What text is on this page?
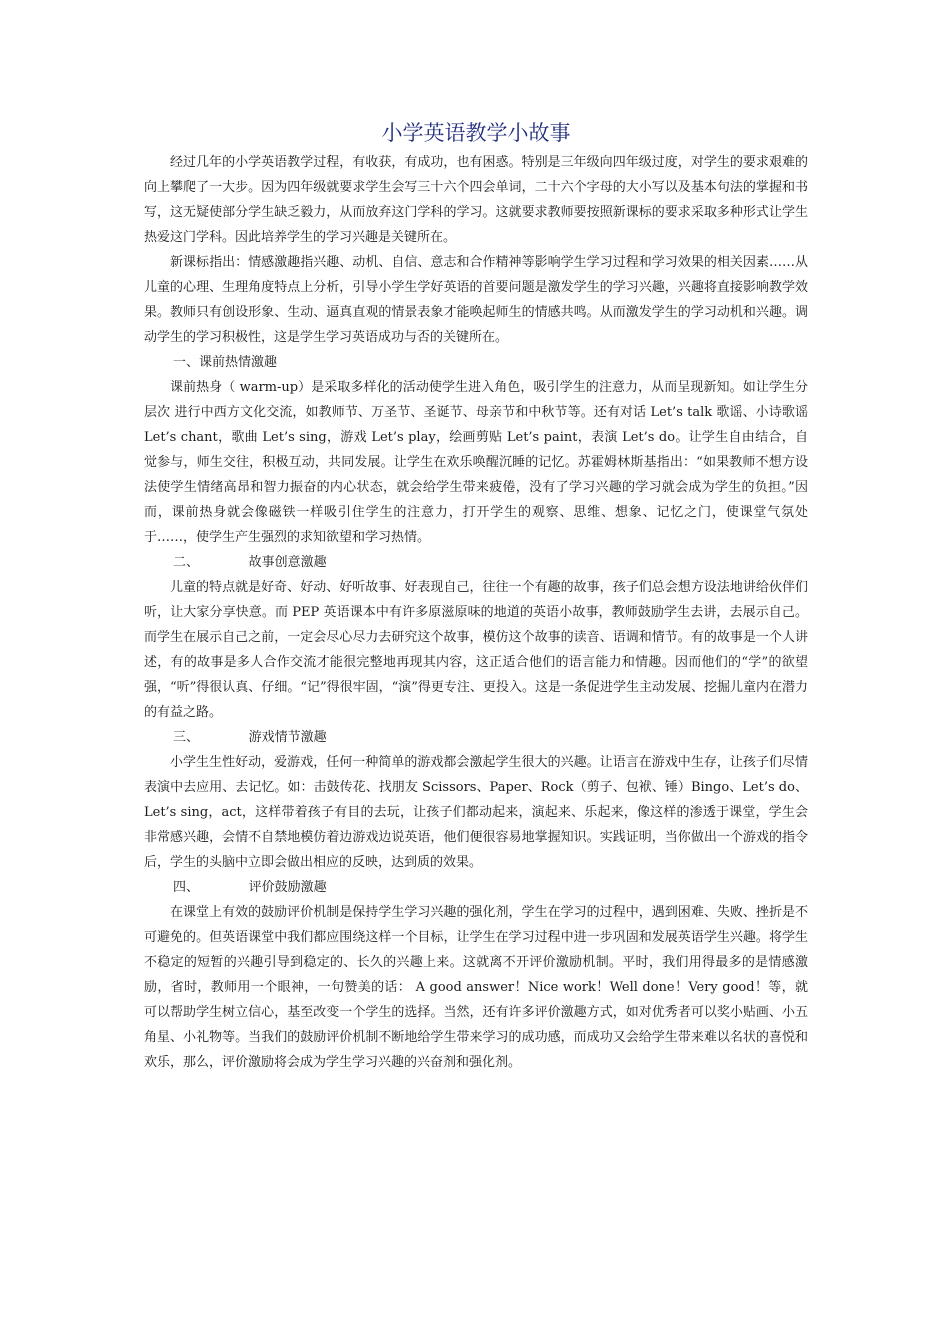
小学英语教学小故事

经过几年的小学英语教学过程，有收获，有成功，也有困惑。特别是三年级向四年级过度，对学生的要求艰难的向上攀爬了一大步。因为四年级就要求学生会写三十六个四会单词，二十六个字母的大小写以及基本句法的掌握和书写，这无疑使部分学生缺乏毅力，从而放弃这门学科的学习。这就要求教师要按照新课标的要求采取多种形式让学生热爱这门学科。因此培养学生的学习兴趣是关键所在。

新课标指出：情感激趣指兴趣、动机、自信、意志和合作精神等影响学生学习过程和学习效果的相关因素……从儿童的心理、生理角度特点上分析，引导小学生学好英语的首要问题是激发学生的学习兴趣，兴趣将直接影响教学效果。教师只有创设形象、生动、逼真直观的情景表象才能唤起师生的情感共鸣。从而激发学生的学习动机和兴趣。调动学生的学习积极性，这是学生学习英语成功与否的关键所在。

一、课前热情激趣

课前热身（ warm-up）是采取多样化的活动使学生进入角色，吸引学生的注意力，从而呈现新知。如让学生分层次 进行中西方文化交流，如教师节、万圣节、圣诞节、母亲节和中秋节等。还有对话 Let’s talk 歌谣、小诗歌谣 Let’s chant，歌曲 Let’s sing，游戏 Let’s play，绘画剪贴 Let’s paint，表演 Let’s do。让学生自由结合，自觉参与，师生交往，积极互动，共同发展。让学生在欢乐唤醒沉睡的记忆。苏霍姆林斯基指出：“如果教师不想方设法使学生情绪高昂和智力振奋的内心状态，就会给学生带来疲倦，没有了学习兴趣的学习就会成为学生的负担。”因而，课前热身就会像磁铁一样吸引住学生的注意力，打开学生的观察、思维、想象、记忆之门，使课堂气氛处于……，使学生产生强烈的求知欲望和学习热情。

二、            故事创意激趣

儿童的特点就是好奇、好动、好听故事、好表现自己，往往一个有趣的故事，孩子们总会想方设法地讲给伙伴们听，让大家分享快意。而 PEP 英语课本中有许多原滋原味的地道的英语小故事，教师鼓励学生去讲，去展示自己。而学生在展示自己之前，一定会尽心尽力去研究这个故事，模仿这个故事的读音、语调和情节。有的故事是一个人讲述，有的故事是多人合作交流才能很完整地再现其内容，这正适合他们的语言能力和情趣。因而他们的“学”的欲望强，“听”得很认真、仔细。“记”得很牢固，“演”得更专注、更投入。这是一条促进学生主动发展、挖掘儿童内在潜力的有益之路。

三、            游戏情节激趣

小学生生性好动，爱游戏，任何一种简单的游戏都会激起学生很大的兴趣。让语言在游戏中生存，让孩子们尽情表演中去应用、去记忆。如：击鼓传花、找朋友 Scissors、Paper、Rock（剪子、包袱、锤）Bingo、Let’s do、Let’s sing，act，这样带着孩子有目的去玩，让孩子们都动起来，演起来、乐起来，像这样的渗透于课堂，学生会非常感兴趣，会情不自禁地模仿着边游戏边说英语，他们便很容易地掌握知识。实践证明，当你做出一个游戏的指令后，学生的头脑中立即会做出相应的反映，达到质的效果。

四、            评价鼓励激趣

在课堂上有效的鼓励评价机制是保持学生学习兴趣的强化剂，学生在学习的过程中，遇到困难、失败、挫折是不可避免的。但英语课堂中我们都应围绕这样一个目标，让学生在学习过程中进一步巩固和发展英语学生兴趣。将学生不稳定的短暂的兴趣引导到稳定的、长久的兴趣上来。这就离不开评价激励机制。平时，我们用得最多的是情感激励，省时，教师用一个眼神，一句赞美的话： A good answer！Nice work！Well done！Very good！等，就可以帮助学生树立信心，基至改变一个学生的选择。当然，还有许多评价激趣方式，如对优秀者可以奖小贴画、小五角星、小礼物等。当我们的鼓励评价机制不断地给学生带来学习的成功感，而成功又会给学生带来难以名状的喜悦和欢乐，那么，评价激励将会成为学生学习兴趣的兴奋剂和强化剂。
